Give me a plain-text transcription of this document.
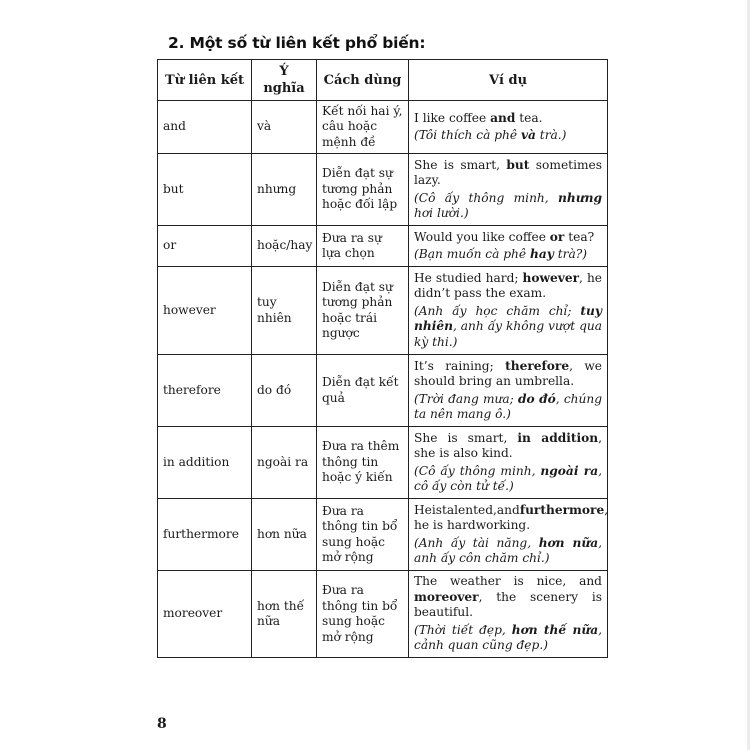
2. Một số từ liên kết phổ biến:
Từ liên kết	Ý nghĩa	Cách dùng	Ví dụ
and	và	Kết nối hai ý, câu hoặc mệnh đề	I like coffee and tea.
(Tôi thích cà phê và trà.)

but	nhưng	Diễn đạt sự tương phản hoặc đối lập	She is smart, but sometimes lazy.
(Cô ấy thông minh, nhưng hơi lười.)

or	hoặc/hay	Đưa ra sự lựa chọn	Would you like coffee or tea?
(Bạn muốn cà phê hay trà?)

however	tuy nhiên	Diễn đạt sự tương phản hoặc trái ngược	He studied hard; however, he didn’t pass the exam.
(Anh ấy học chăm chỉ; tuy nhiên, anh ấy không vượt qua kỳ thi.)

therefore	do đó	Diễn đạt kết quả	It’s raining; therefore, we should bring an umbrella.
(Trời đang mưa; do đó, chúng ta nên mang ô.)

in addition	ngoài ra	Đưa ra thêm thông tin hoặc ý kiến	She is smart, in addition, she is also kind.
(Cô ấy thông minh, ngoài ra, cô ấy còn tử tế.)

furthermore	hơn nữa	Đưa ra thông tin bổ sung hoặc mở rộng	Heistalented,andfurthermore, he is hardworking.
(Anh ấy tài năng, hơn nữa, anh ấy côn chăm chỉ.)

moreover	hơn thế nữa	Đưa ra thông tin bổ sung hoặc mở rộng	The weather is nice, and moreover, the scenery is beautiful.
(Thời tiết đẹp, hơn thế nữa, cảnh quan cũng đẹp.)
8
